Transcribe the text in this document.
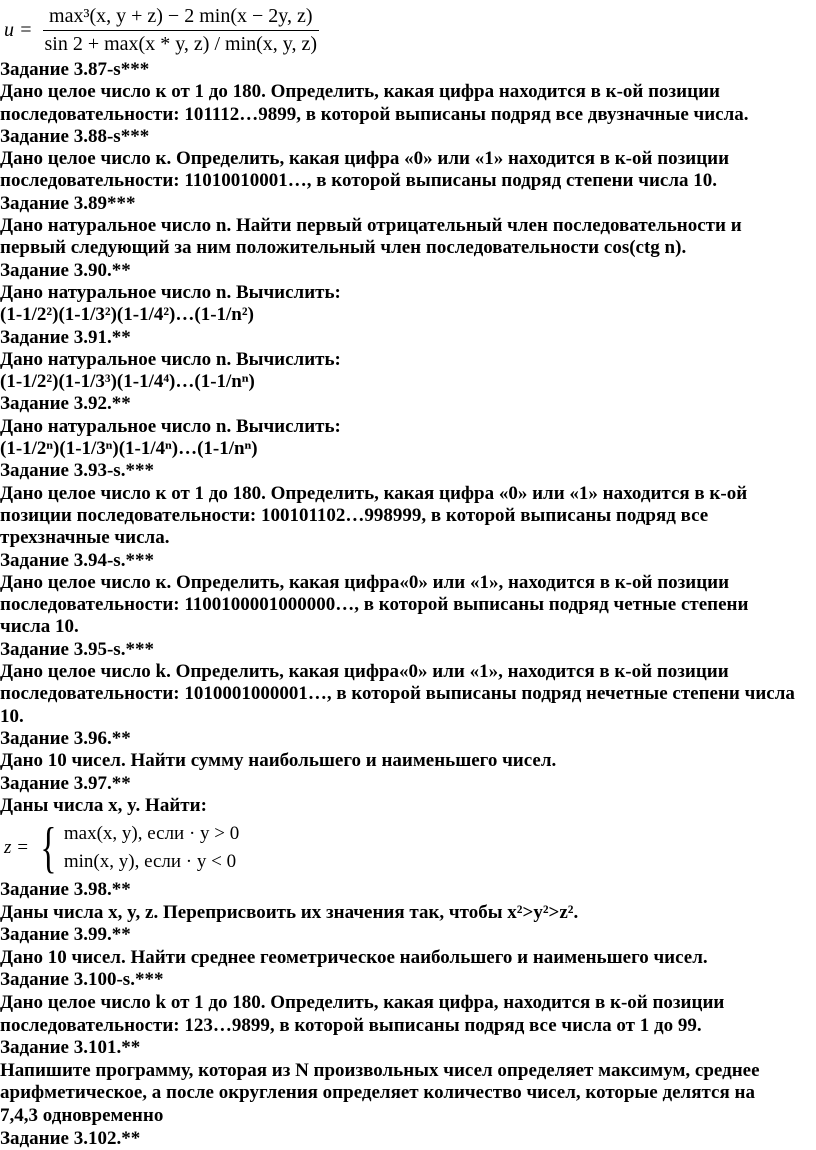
$u = \frac{\text{max³(x, y + z) − 2 min(x − 2y, z)}}{\sin 2 + \max(x * y, z) / \min(x, y, z)}$
Задание 3.87-s***
Дано целое число к от 1 до 180. Определить, какая цифра находится в к-ой позиции
последовательности: 101112…9899, в которой выписаны подряд все двузначные числа.
Задание 3.88-s***
Дано целое число к. Определить, какая цифра «0» или «1» находится в к-ой позиции
последовательности: 11010010001…, в которой выписаны подряд степени числа 10.
Задание 3.89***
Дано натуральное число n. Найти первый отрицательный член последовательности и
первый следующий за ним положительный член последовательности cos(ctg n).
Задание 3.90.**
Дано натуральное число n. Вычислить:
(1-1/2²)(1-1/3²)(1-1/4²)…(1-1/n²)
Задание 3.91.**
Дано натуральное число n. Вычислить:
(1-1/2²)(1-1/3³)(1-1/4⁴)…(1-1/nⁿ)
Задание 3.92.**
Дано натуральное число n. Вычислить:
(1-1/2ⁿ)(1-1/3ⁿ)(1-1/4ⁿ)…(1-1/nⁿ)
Задание 3.93-s.***
Дано целое число к от 1 до 180. Определить, какая цифра «0» или «1» находится в к-ой
позиции последовательности: 100101102…998999, в которой выписаны подряд все
трехзначные числа.
Задание 3.94-s.***
Дано целое число к. Определить, какая цифра«0» или «1», находится в к-ой позиции
последовательности: 1100100001000000…, в которой выписаны подряд четные степени
числа 10.
Задание 3.95-s.***
Дано целое число k. Определить, какая цифра«0» или «1», находится в к-ой позиции
последовательности: 1010001000001…, в которой выписаны подряд нечетные степени числа
10.
Задание 3.96.**
Дано 10 чисел. Найти сумму наибольшего и наименьшего чисел.
Задание 3.97.**
Даны числа x, y. Найти:
z = { max(x, y), если · y > 0
min(x, y), если · y < 0
Задание 3.98.**
Даны числа x, y, z. Переприсвоить их значения так, чтобы x²>y²>z².
Задание 3.99.**
Дано 10 чисел. Найти среднее геометрическое наибольшего и наименьшего чисел.
Задание 3.100-s.***
Дано целое число k от 1 до 180. Определить, какая цифра, находится в к-ой позиции
последовательности: 123…9899, в которой выписаны подряд все числа от 1 до 99.
Задание 3.101.**
Напишите программу, которая из N произвольных чисел определяет максимум, среднее
арифметическое, а после округления определяет количество чисел, которые делятся на
7,4,3 одновременно
Задание 3.102.**
